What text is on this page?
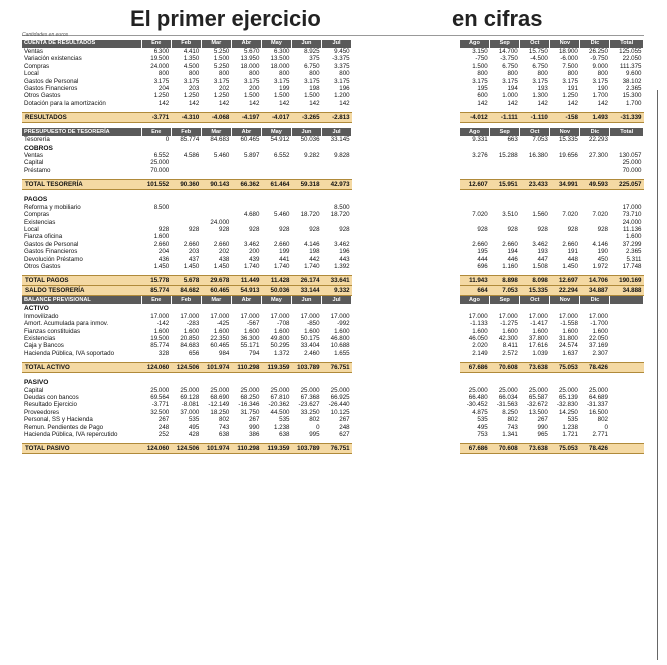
El primer ejercicio	en cifras
Cantidades en euros
CUENTA DE RESULTADOS	Ene	Feb	Mar	Abr	May	Jun	Jul		Ago	Sep	Oct	Nov	Dic	Total
Ventas	6.300	4.410	5.250	5.670	6.300	8.925	9.450		3.150	14.700	15.750	18.900	26.250	125.055
Variación existencias	19.500	1.350	1.500	13.950	13.500	375	-3.375		-750	-3.750	-4.500	-6.000	-9.750	22.050
Compras	24.000	4.500	5.250	18.000	18.000	6.750	3.375		1.500	6.750	6.750	7.500	9.000	111.375
Local	800	800	800	800	800	800	800		800	800	800	800	800	9.600
Gastos de Personal	3.175	3.175	3.175	3.175	3.175	3.175	3.175		3.175	3.175	3.175	3.175	3.175	38.102
Gastos Financieros	204	203	202	200	199	198	196		195	194	193	191	190	2.365
Otros Gastos	1.250	1.250	1.250	1.500	1.500	1.500	1.200		600	1.000	1.300	1.250	1.700	15.300
Dotación para la amortización	142	142	142	142	142	142	142		142	142	142	142	142	1.700

RESULTADOS	-3.771	-4.310	-4.068	-4.197	-4.017	-3.265	-2.813		-4.012	-1.111	-1.110	-158	1.493	-31.339

PRESUPUESTO DE TESORERÍA	Ene	Feb	Mar	Abr	May	Jun	Jul		Ago	Sep	Oct	Nov	Dic	Total
Tesorería	0	85.774	84.683	60.465	54.912	50.036	33.145		9.331	663	7.053	15.335	22.293	
COBROS														
Ventas	6.552	4.586	5.460	5.897	6.552	9.282	9.828		3.276	15.288	16.380	19.656	27.300	130.057
Capital	25.000													25.000
Préstamo	70.000													70.000

TOTAL TESORERÍA	101.552	90.360	90.143	66.362	61.464	59.318	42.973		12.607	15.951	23.433	34.991	49.593	225.057

PAGOS														
Reforma y mobiliario	8.500						8.500							17.000
Compras				4.680	5.460	18.720	18.720		7.020	3.510	1.560	7.020	7.020	73.710
Existencias			24.000											24.000
Local	928	928	928	928	928	928	928		928	928	928	928	928	11.136
Fianza oficina	1.600													1.600
Gastos de Personal	2.660	2.660	2.660	3.462	2.660	4.146	3.462		2.660	2.660	3.462	2.660	4.146	37.299
Gastos Financieros	204	203	202	200	199	198	196		195	194	193	191	190	2.365
Devolución Préstamo	436	437	438	439	441	442	443		444	446	447	448	450	5.311
Otros Gastos	1.450	1.450	1.450	1.740	1.740	1.740	1.392		696	1.160	1.508	1.450	1.972	17.748

TOTAL PAGOS	15.778	5.678	29.678	11.449	11.428	26.174	33.641		11.943	8.898	8.098	12.697	14.706	190.169
SALDO TESORERÍA	85.774	84.682	60.465	54.913	50.036	33.144	9.332		664	7.053	15.335	22.294	34.887	34.888
BALANCE PREVISIONAL	Ene	Feb	Mar	Abr	May	Jun	Jul		Ago	Sep	Oct	Nov	Dic	
ACTIVO														
Inmovilizado	17.000	17.000	17.000	17.000	17.000	17.000	17.000		17.000	17.000	17.000	17.000	17.000	
Amort. Acumulada para inmov.	-142	-283	-425	-567	-708	-850	-992		-1.133	-1.275	-1.417	-1.558	-1.700	
Fianzas constituidas	1.600	1.600	1.600	1.600	1.600	1.600	1.600		1.600	1.600	1.600	1.600	1.600	
Existencias	19.500	20.850	22.350	36.300	49.800	50.175	46.800		46.050	42.300	37.800	31.800	22.050	
Caja y Bancos	85.774	84.683	60.465	55.171	50.295	33.404	10.688		2.020	8.411	17.616	24.574	37.169	
Hacienda Pública, IVA soportado	328	656	984	794	1.372	2.460	1.655		2.149	2.572	1.039	1.637	2.307	

TOTAL ACTIVO	124.060	124.506	101.974	110.298	119.359	103.789	76.751		67.686	70.608	73.638	75.053	78.426	

PASIVO														
Capital	25.000	25.000	25.000	25.000	25.000	25.000	25.000		25.000	25.000	25.000	25.000	25.000	
Deudas con bancos	69.564	69.128	68.690	68.250	67.810	67.368	66.925		66.480	66.034	65.587	65.139	64.689	
Resultado Ejercicio	-3.771	-8.081	-12.149	-16.346	-20.362	-23.627	-26.440		-30.452	-31.563	-32.672	-32.830	-31.337	
Proveedores	32.500	37.000	18.250	31.750	44.500	33.250	10.125		4.875	8.250	13.500	14.250	16.500	
Personal, SS y Hacienda	267	535	802	267	535	802	267		535	802	267	535	802	
Remun. Pendientes de Pago	248	495	743	990	1.238	0	248		495	743	990	1.238	0	
Hacienda Pública, IVA repercutido	252	428	638	386	638	995	627		753	1.341	965	1.721	2.771	

TOTAL PASIVO	124.060	124.506	101.974	110.298	119.359	103.789	76.751		67.686	70.608	73.638	75.053	78.426	
